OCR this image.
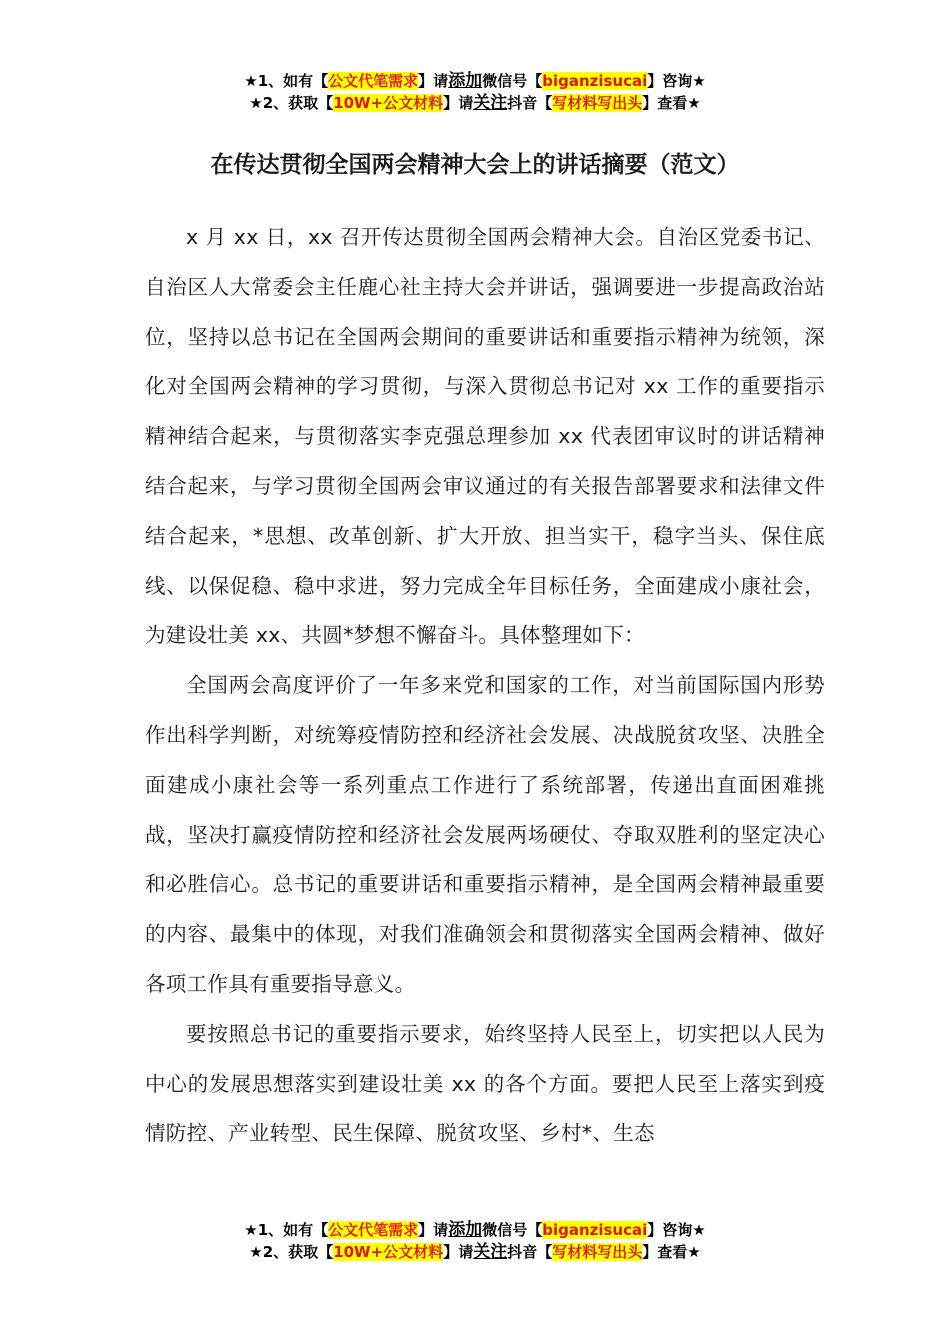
★1、如有【公文代笔需求】请添加微信号【biganzisucai】咨询★
★2、获取【10W+公文材料】请关注抖音【写材料写出头】查看★
在传达贯彻全国两会精神大会上的讲话摘要（范文）

x 月 xx 日，xx 召开传达贯彻全国两会精神大会。自治区党委书记、自治区人大常委会主任鹿心社主持大会并讲话，强调要进一步提高政治站位，坚持以总书记在全国两会期间的重要讲话和重要指示精神为统领，深化对全国两会精神的学习贯彻，与深入贯彻总书记对 xx 工作的重要指示精神结合起来，与贯彻落实李克强总理参加 xx 代表团审议时的讲话精神结合起来，与学习贯彻全国两会审议通过的有关报告部署要求和法律文件结合起来，*思想、改革创新、扩大开放、担当实干，稳字当头、保住底线、以保促稳、稳中求进，努力完成全年目标任务，全面建成小康社会，为建设壮美 xx、共圆*梦想不懈奋斗。具体整理如下：

全国两会高度评价了一年多来党和国家的工作，对当前国际国内形势作出科学判断，对统筹疫情防控和经济社会发展、决战脱贫攻坚、决胜全面建成小康社会等一系列重点工作进行了系统部署，传递出直面困难挑战，坚决打赢疫情防控和经济社会发展两场硬仗、夺取双胜利的坚定决心和必胜信心。总书记的重要讲话和重要指示精神，是全国两会精神最重要的内容、最集中的体现，对我们准确领会和贯彻落实全国两会精神、做好各项工作具有重要指导意义。

要按照总书记的重要指示要求，始终坚持人民至上，切实把以人民为中心的发展思想落实到建设壮美 xx 的各个方面。要把人民至上落实到疫情防控、产业转型、民生保障、脱贫攻坚、乡村*、生态

★1、如有【公文代笔需求】请添加微信号【biganzisucai】咨询★
★2、获取【10W+公文材料】请关注抖音【写材料写出头】查看★
